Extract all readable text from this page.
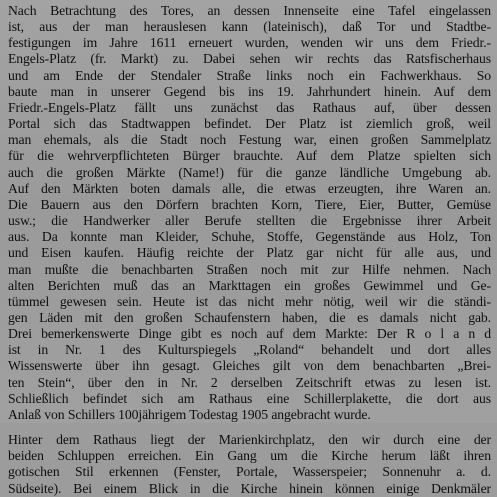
Nach Betrachtung des Tores, an dessen Innenseite eine Tafel eingelassen
ist, aus der man herauslesen kann (lateinisch), daß Tor und Stadtbe-
festigungen im Jahre 1611 erneuert wurden, wenden wir uns dem Friedr.-
Engels-Platz (fr. Markt) zu. Dabei sehen wir rechts das Ratsfischerhaus
und am Ende der Stendaler Straße links noch ein Fachwerkhaus. So
baute man in unserer Gegend bis ins 19. Jahrhundert hinein. Auf dem
Friedr.-Engels-Platz fällt uns zunächst das Rathaus auf, über dessen
Portal sich das Stadtwappen befindet. Der Platz ist ziemlich groß, weil
man ehemals, als die Stadt noch Festung war, einen großen Sammelplatz
für die wehrverpflichteten Bürger brauchte. Auf dem Platze spielten sich
auch die großen Märkte (Name!) für die ganze ländliche Umgebung ab.
Auf den Märkten boten damals alle, die etwas erzeugten, ihre Waren an.
Die Bauern aus den Dörfern brachten Korn, Tiere, Eier, Butter, Gemüse
usw.; die Handwerker aller Berufe stellten die Ergebnisse ihrer Arbeit
aus. Da konnte man Kleider, Schuhe, Stoffe, Gegenstände aus Holz, Ton
und Eisen kaufen. Häufig reichte der Platz gar nicht für alle aus, und
man mußte die benachbarten Straßen noch mit zur Hilfe nehmen. Nach
alten Berichten muß das an Markttagen ein großes Gewimmel und Ge-
tümmel gewesen sein. Heute ist das nicht mehr nötig, weil wir die ständi-
gen Läden mit den großen Schaufenstern haben, die es damals nicht gab.
Drei bemerkenswerte Dinge gibt es noch auf dem Markte: Der R o l a n d
ist in Nr. 1 des Kulturspiegels „Roland“ behandelt und dort alles
Wissenswerte über ihn gesagt. Gleiches gilt von dem benachbarten „Brei-
ten Stein“, über den in Nr. 2 derselben Zeitschrift etwas zu lesen ist.
Schließlich befindet sich am Rathaus eine Schillerplakette, die dort aus
Anlaß von Schillers 100jährigem Todestag 1905 angebracht wurde.

Hinter dem Rathaus liegt der Marienkirchplatz, den wir durch eine der
beiden Schluppen erreichen. Ein Gang um die Kirche herum läßt ihren
gotischen Stil erkennen (Fenster, Portale, Wasserspeier; Sonnenuhr a. d.
Südseite). Bei einem Blick in die Kirche hinein können einige Denkmäler
